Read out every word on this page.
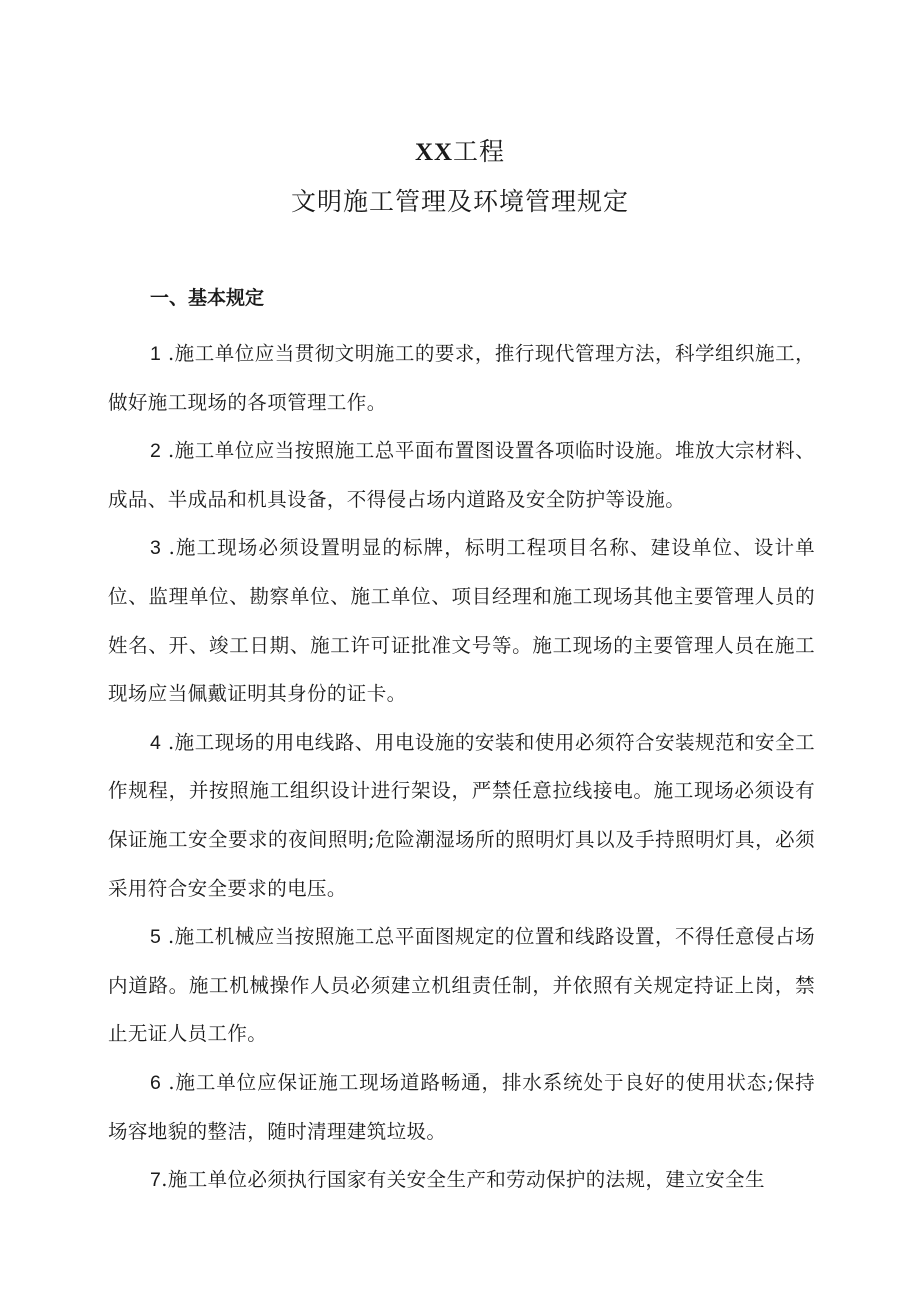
XX工程
文明施工管理及环境管理规定
一、基本规定

1 .施工单位应当贯彻文明施工的要求，推行现代管理方法，科学组织施工，做好施工现场的各项管理工作。

2 .施工单位应当按照施工总平面布置图设置各项临时设施。堆放大宗材料、成品、半成品和机具设备，不得侵占场内道路及安全防护等设施。

3 .施工现场必须设置明显的标牌，标明工程项目名称、建设单位、设计单位、监理单位、勘察单位、施工单位、项目经理和施工现场其他主要管理人员的姓名、开、竣工日期、施工许可证批准文号等。施工现场的主要管理人员在施工现场应当佩戴证明其身份的证卡。

4 .施工现场的用电线路、用电设施的安装和使用必须符合安装规范和安全工作规程，并按照施工组织设计进行架设，严禁任意拉线接电。施工现场必须设有保证施工安全要求的夜间照明;危险潮湿场所的照明灯具以及手持照明灯具，必须采用符合安全要求的电压。

5 .施工机械应当按照施工总平面图规定的位置和线路设置，不得任意侵占场内道路。施工机械操作人员必须建立机组责任制，并依照有关规定持证上岗，禁止无证人员工作。

6 .施工单位应保证施工现场道路畅通，排水系统处于良好的使用状态;保持场容地貌的整洁，随时清理建筑垃圾。

7.施工单位必须执行国家有关安全生产和劳动保护的法规，建立安全生
